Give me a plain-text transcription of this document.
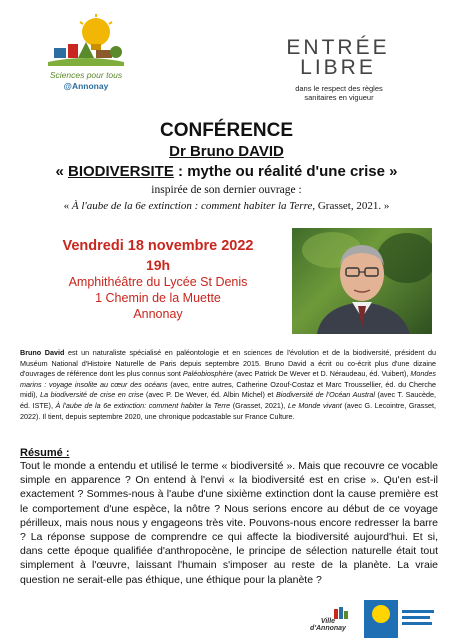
Sciences pour tous
@Annonay
ENTRÉE
LIBRE
dans le respect des règles sanitaires en vigueur
CONFÉRENCE
Dr Bruno DAVID
« BIODIVERSITE : mythe ou réalité d'une crise »
inspirée de son dernier ouvrage :
« À l'aube de la 6e extinction : comment habiter la Terre, Grasset, 2021. »
Vendredi 18 novembre 2022
19h
Amphithéâtre du Lycée St Denis
1 Chemin de la Muette
Annonay
Bruno David est un naturaliste spécialisé en paléontologie et en sciences de l'évolution et de la biodiversité, président du Muséum National d'Histoire Naturelle de Paris depuis septembre 2015. Bruno David a écrit ou co-écrit plus d'une dizaine d'ouvrages de référence dont les plus connus sont Paléobiosphère (avec Patrick De Wever et D. Néraudeau, éd. Vuibert), Mondes marins : voyage insolite au cœur des océans (avec, entre autres, Catherine Ozouf-Costaz et Marc Troussellier, éd. du Cherche midi), La biodiversité de crise en crise (avec P. De Wever, éd. Albin Michel) et Biodiversité de l'Océan Austral (avec T. Saucède, éd. ISTE), À l'aube de la 6e extinction: comment habiter la Terre (Grasset, 2021), Le Monde vivant (avec G. Lecointre, Grasset, 2022). Il tient, depuis septembre 2020, une chronique podcastable sur France Culture.
Résumé :
Tout le monde a entendu et utilisé le terme « biodiversité ». Mais que recouvre ce vocable simple en apparence ? On entend à l'envi « la biodiversité est en crise ». Qu'en est-il exactement ? Sommes-nous à l'aube d'une sixième extinction dont la cause première est le comportement d'une espèce, la nôtre ? Nous serions encore au début de ce voyage périlleux, mais nous nous y engageons très vite. Pouvons-nous encore redresser la barre ? La réponse suppose de comprendre ce qui affecte la biodiversité aujourd'hui. Et si, dans cette époque qualifiée d'anthropocène, le principe de sélection naturelle était tout simplement à l'œuvre, laissant l'humain s'imposer au reste de la planète. La vraie question ne serait-elle pas éthique, une éthique pour la planète ?
Ville d'Annonay
